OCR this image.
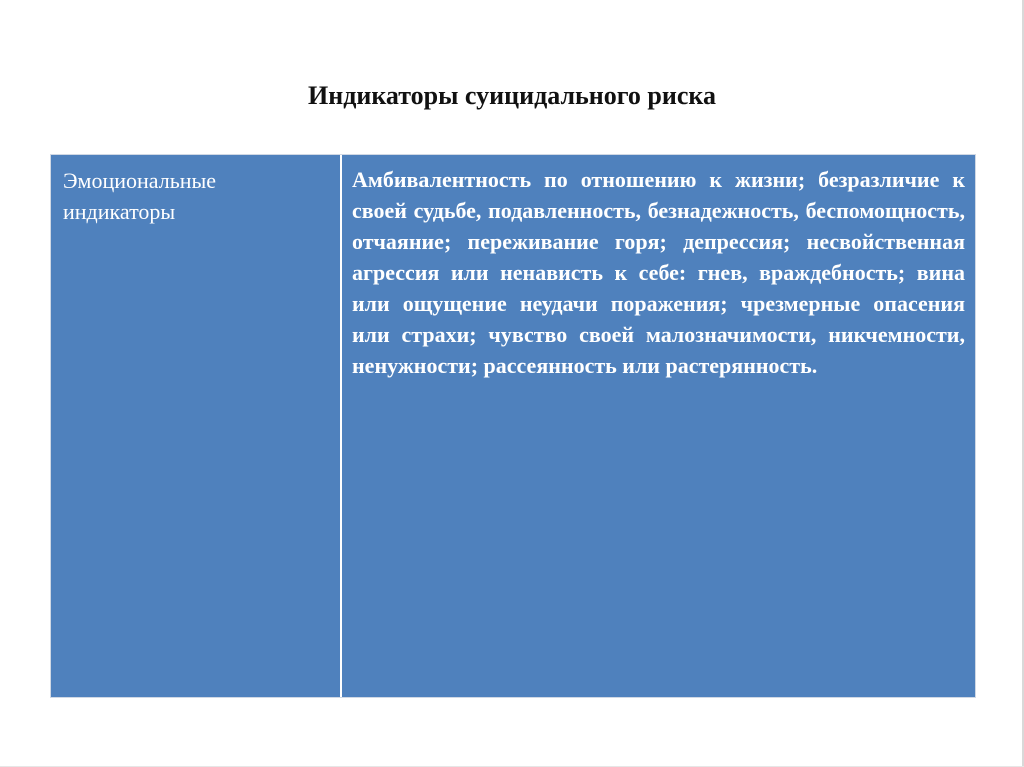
Индикаторы суицидального риска
Эмоциональные индикаторы
Амбивалентность по отношению к жизни; безразличие к своей судьбе, подавленность, безнадежность, беспомощность, отчаяние; переживание горя; депрессия; несвойственная агрессия или ненависть к себе: гнев, враждебность; вина или ощущение неудачи поражения; чрезмерные опасения или страхи; чувство своей малозначимости, никчемности, ненужности; рассеянность или растерянность.
